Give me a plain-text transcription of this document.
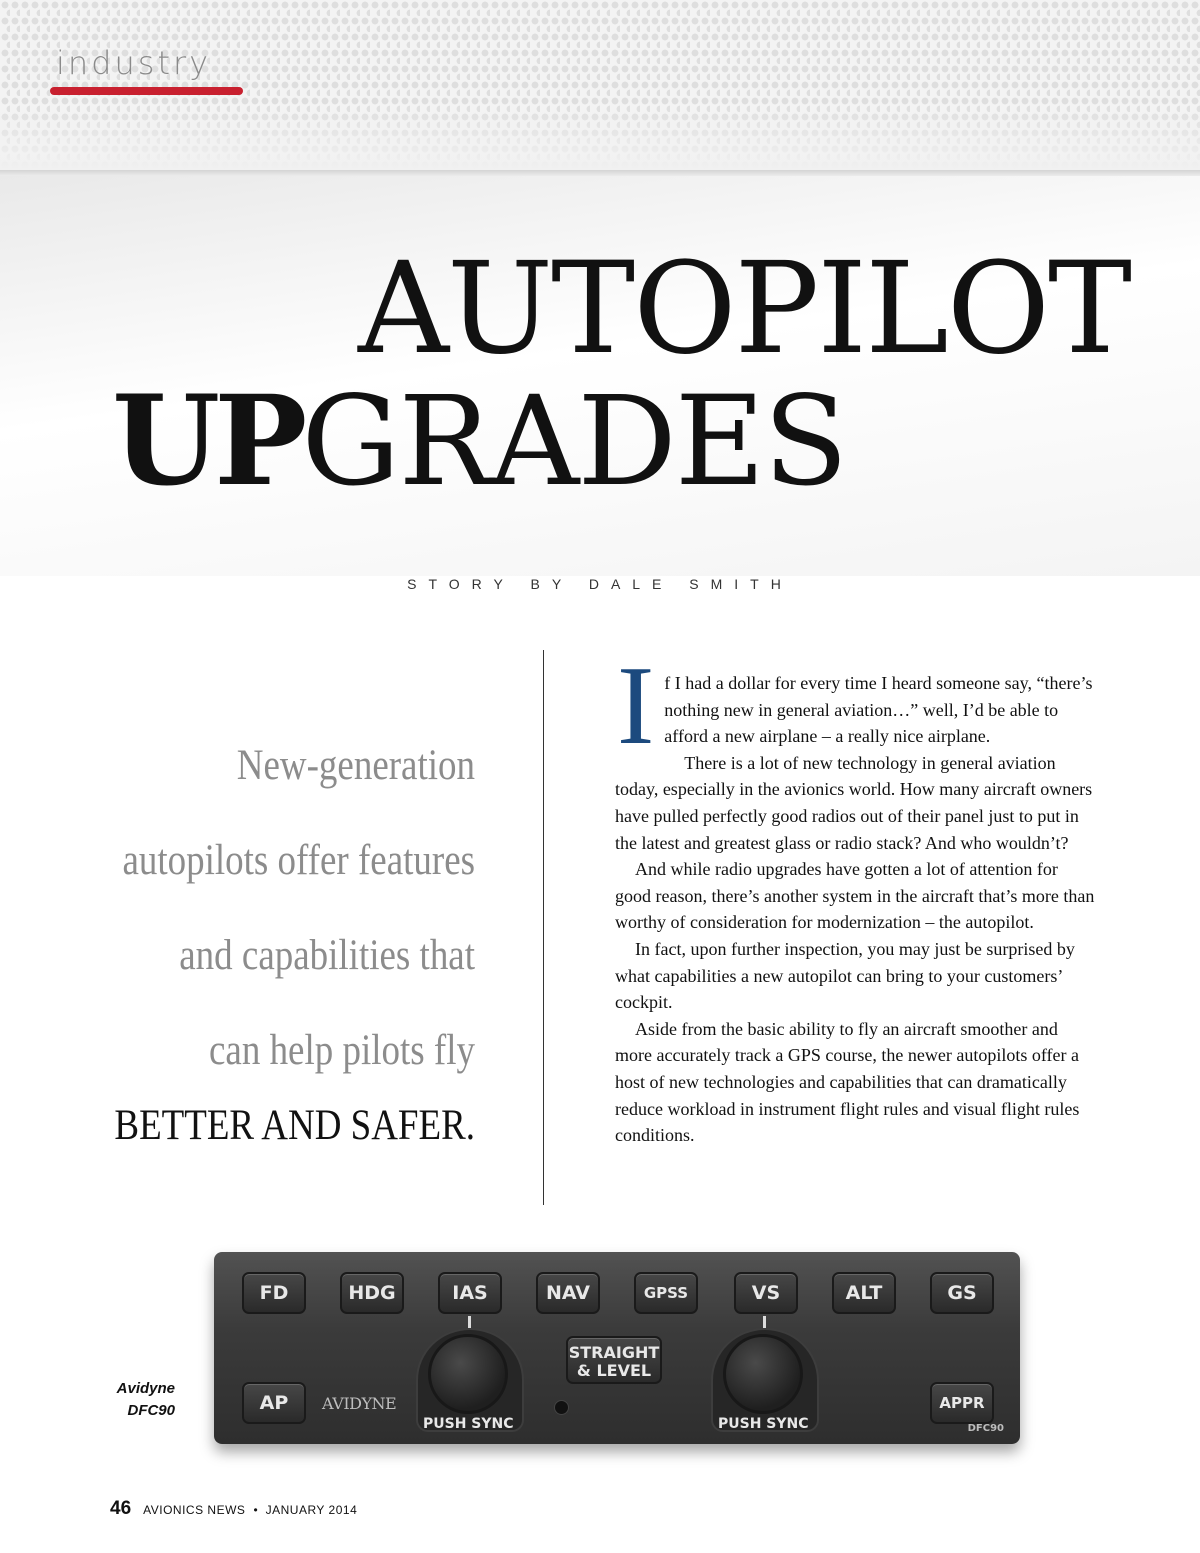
industry
AUTOPILOT
UPGRADES
STORY BY DALE SMITH
New-generation
autopilots offer features
and capabilities that
can help pilots fly
BETTER AND SAFER.

If I had a dollar for every time I heard someone say, “there’s nothing new in general aviation…” well, I’d be able to afford a new airplane – a really nice airplane.

There is a lot of new technology in general aviation today, especially in the avionics world. How many aircraft owners have pulled perfectly good radios out of their panel just to put in the latest and greatest glass or radio stack? And who wouldn’t?

And while radio upgrades have gotten a lot of attention for good reason, there’s another system in the aircraft that’s more than worthy of consideration for modernization – the autopilot.

In fact, upon further inspection, you may just be surprised by what capabilities a new autopilot can bring to your customers’ cockpit.

Aside from the basic ability to fly an aircraft smoother and more accurately track a GPS course, the newer autopilots offer a host of new technologies and capabilities that can dramatically reduce workload in instrument flight rules and visual flight rules conditions.

FD	HDG	IAS	NAV	GPSS	VS	ALT	GS
AP
STRAIGHT
& LEVEL
APPR
PUSH SYNC	PUSH SYNC
AVIDYNE
DFC90
Avidyne
DFC90
46 AVIONICS NEWS • JANUARY 2014
